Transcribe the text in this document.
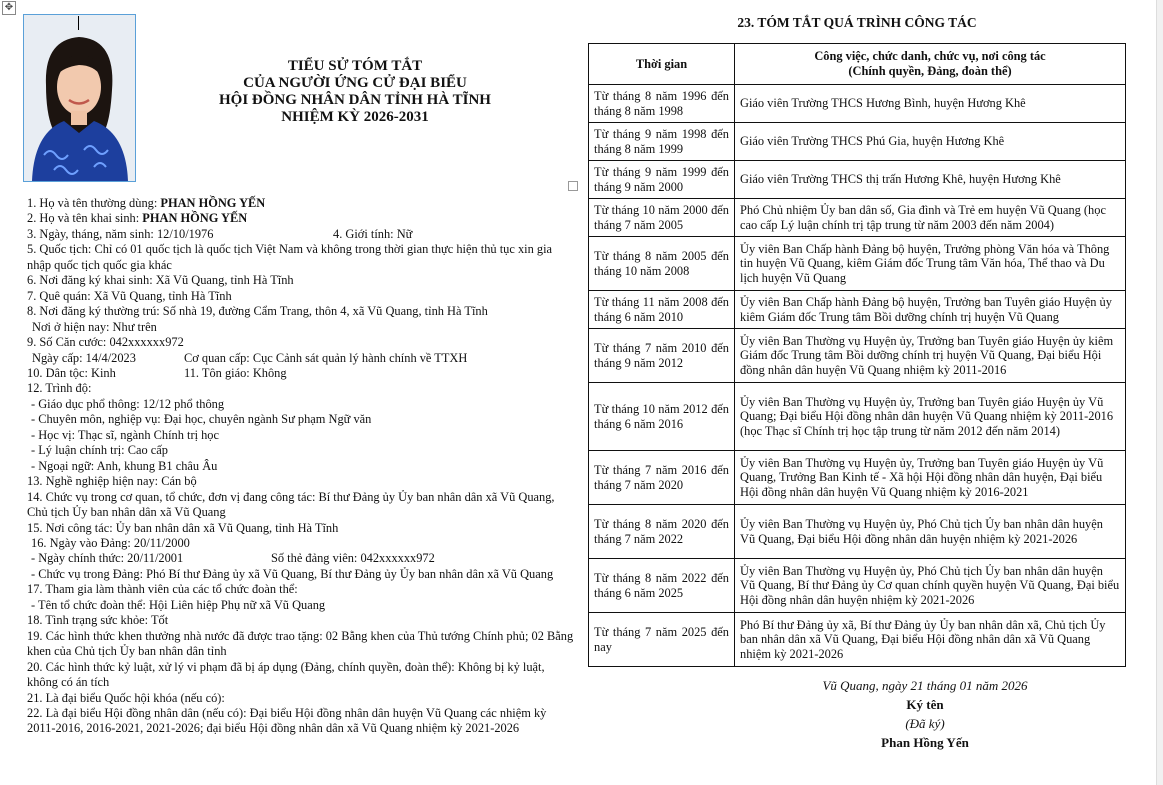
✥
TIỂU SỬ TÓM TẮT
CỦA NGƯỜI ỨNG CỬ ĐẠI BIỂU
HỘI ĐỒNG NHÂN DÂN TỈNH HÀ TĨNH
NHIỆM KỲ 2026-2031
1. Họ và tên thường dùng: PHAN HỒNG YẾN
2. Họ và tên khai sinh: PHAN HỒNG YẾN
3. Ngày, tháng, năm sinh: 12/10/1976	4. Giới tính: Nữ
5. Quốc tịch: Chỉ có 01 quốc tịch là quốc tịch Việt Nam và không trong thời gian thực hiện thủ tục xin gia nhập quốc tịch quốc gia khác
6. Nơi đăng ký khai sinh: Xã Vũ Quang, tỉnh Hà Tĩnh
7. Quê quán: Xã Vũ Quang, tỉnh Hà Tĩnh
8. Nơi đăng ký thường trú: Số nhà 19, đường Cẩm Trang, thôn 4, xã Vũ Quang, tỉnh Hà Tĩnh
Nơi ở hiện nay: Như trên
9. Số Căn cước: 042xxxxxx972
Ngày cấp: 14/4/2023	Cơ quan cấp: Cục Cảnh sát quản lý hành chính về TTXH
10. Dân tộc: Kinh	11. Tôn giáo: Không
12. Trình độ:
- Giáo dục phổ thông: 12/12 phổ thông
- Chuyên môn, nghiệp vụ: Đại học, chuyên ngành Sư phạm Ngữ văn
- Học vị: Thạc sĩ, ngành Chính trị học
- Lý luận chính trị: Cao cấp
- Ngoại ngữ: Anh, khung B1 châu Âu
13. Nghề nghiệp hiện nay: Cán bộ
14. Chức vụ trong cơ quan, tổ chức, đơn vị đang công tác: Bí thư Đảng ủy Ủy ban nhân dân xã Vũ Quang, Chủ tịch Ủy ban nhân dân xã Vũ Quang
15. Nơi công tác: Ủy ban nhân dân xã Vũ Quang, tỉnh Hà Tĩnh
16. Ngày vào Đảng: 20/11/2000
- Ngày chính thức: 20/11/2001	Số thẻ đảng viên: 042xxxxxx972
- Chức vụ trong Đảng: Phó Bí thư Đảng ủy xã Vũ Quang, Bí thư Đảng ủy Ủy ban nhân dân xã Vũ Quang
17. Tham gia làm thành viên của các tổ chức đoàn thể:
- Tên tổ chức đoàn thể: Hội Liên hiệp Phụ nữ xã Vũ Quang
18. Tình trạng sức khỏe: Tốt
19. Các hình thức khen thưởng nhà nước đã được trao tặng: 02 Bằng khen của Thủ tướng Chính phủ; 02 Bằng khen của Chủ tịch Ủy ban nhân dân tỉnh
20. Các hình thức kỷ luật, xử lý vi phạm đã bị áp dụng (Đảng, chính quyền, đoàn thể): Không bị kỷ luật, không có án tích
21. Là đại biểu Quốc hội khóa (nếu có):
22. Là đại biểu Hội đồng nhân dân (nếu có): Đại biểu Hội đồng nhân dân huyện Vũ Quang các nhiệm kỳ 2011-2016, 2016-2021, 2021-2026; đại biểu Hội đồng nhân dân xã Vũ Quang nhiệm kỳ 2021-2026
23. TÓM TẮT QUÁ TRÌNH CÔNG TÁC
Thời gian	Công việc, chức danh, chức vụ, nơi công tác
(Chính quyền, Đảng, đoàn thể)

Từ tháng 8 năm 1996 đến tháng 8 năm 1998	Giáo viên Trường THCS Hương Bình, huyện Hương Khê
Từ tháng 9 năm 1998 đến tháng 8 năm 1999	Giáo viên Trường THCS Phú Gia, huyện Hương Khê
Từ tháng 9 năm 1999 đến tháng 9 năm 2000	Giáo viên Trường THCS thị trấn Hương Khê, huyện Hương Khê
Từ tháng 10 năm 2000 đến tháng 7 năm 2005	Phó Chủ nhiệm Ủy ban dân số, Gia đình và Trẻ em huyện Vũ Quang (học cao cấp Lý luận chính trị tập trung từ năm 2003 đến năm 2004)
Từ tháng 8 năm 2005 đến tháng 10 năm 2008	Ủy viên Ban Chấp hành Đảng bộ huyện, Trưởng phòng Văn hóa và Thông tin huyện Vũ Quang, kiêm Giám đốc Trung tâm Văn hóa, Thể thao và Du lịch huyện Vũ Quang
Từ tháng 11 năm 2008 đến tháng 6 năm 2010	Ủy viên Ban Chấp hành Đảng bộ huyện, Trưởng ban Tuyên giáo Huyện ủy kiêm Giám đốc Trung tâm Bồi dưỡng chính trị huyện Vũ Quang
Từ tháng 7 năm 2010 đến tháng 9 năm 2012	Ủy viên Ban Thường vụ Huyện ủy, Trưởng ban Tuyên giáo Huyện ủy kiêm Giám đốc Trung tâm Bồi dưỡng chính trị huyện Vũ Quang, Đại biểu Hội đồng nhân dân huyện Vũ Quang nhiệm kỳ 2011-2016
Từ tháng 10 năm 2012 đến tháng 6 năm 2016	Ủy viên Ban Thường vụ Huyện ủy, Trưởng ban Tuyên giáo Huyện ủy Vũ Quang; Đại biểu Hội đồng nhân dân huyện Vũ Quang nhiệm kỳ 2011-2016 (học Thạc sĩ Chính trị học tập trung từ năm 2012 đến năm 2014)
Từ tháng 7 năm 2016 đến tháng 7 năm 2020	Ủy viên Ban Thường vụ Huyện ủy, Trưởng ban Tuyên giáo Huyện ủy Vũ Quang, Trưởng Ban Kinh tế - Xã hội Hội đồng nhân dân huyện, Đại biểu Hội đồng nhân dân huyện Vũ Quang nhiệm kỳ 2016-2021
Từ tháng 8 năm 2020 đến tháng 7 năm 2022	Ủy viên Ban Thường vụ Huyện ủy, Phó Chủ tịch Ủy ban nhân dân huyện Vũ Quang, Đại biểu Hội đồng nhân dân huyện nhiệm kỳ 2021-2026
Từ tháng 8 năm 2022 đến tháng 6 năm 2025	Ủy viên Ban Thường vụ Huyện ủy, Phó Chủ tịch Ủy ban nhân dân huyện Vũ Quang, Bí thư Đảng ủy Cơ quan chính quyền huyện Vũ Quang, Đại biểu Hội đồng nhân dân huyện nhiệm kỳ 2021-2026
Từ tháng 7 năm 2025 đến nay	Phó Bí thư Đảng ủy xã, Bí thư Đảng ủy Ủy ban nhân dân xã, Chủ tịch Ủy ban nhân dân xã Vũ Quang, Đại biểu Hội đồng nhân dân xã Vũ Quang nhiệm kỳ 2021-2026
Vũ Quang, ngày 21 tháng 01 năm 2026
Ký tên
(Đã ký)
Phan Hồng Yến
